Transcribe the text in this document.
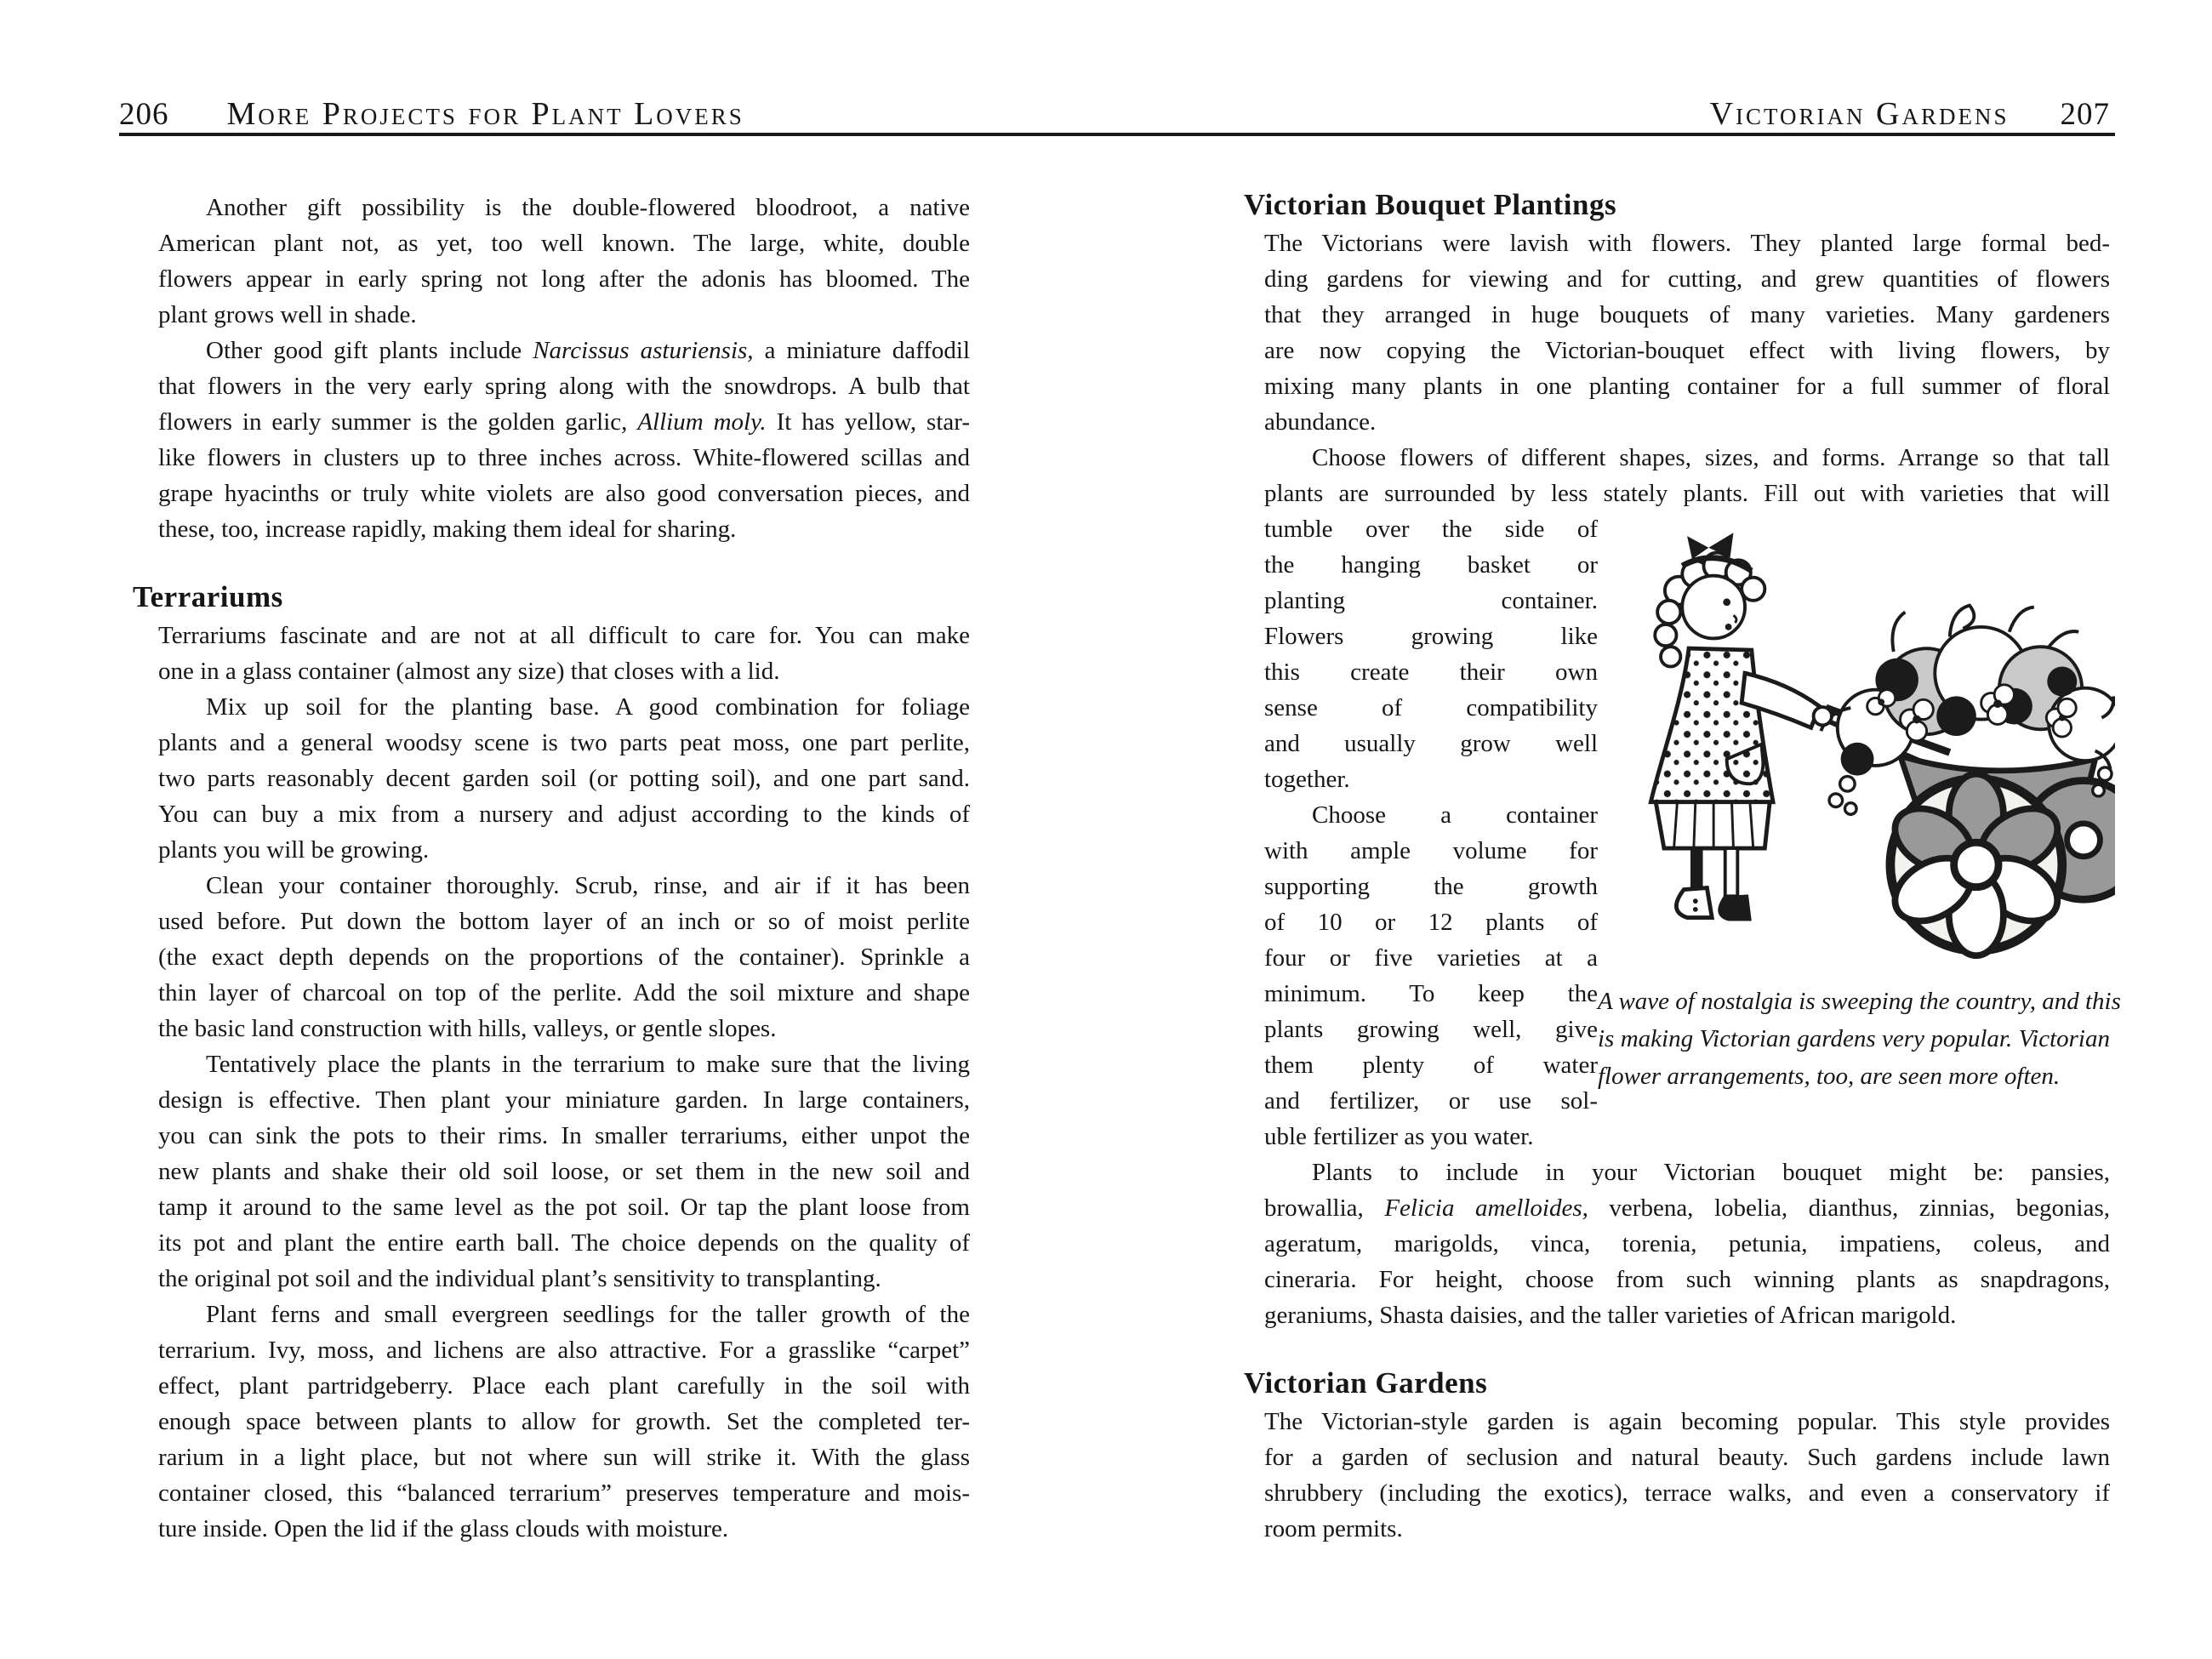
206 More Projects for Plant Lovers
Another gift possibility is the double-flowered bloodroot, a native
American plant not, as yet, too well known. The large, white, double
flowers appear in early spring not long after the adonis has bloomed. The
plant grows well in shade.
Other good gift plants include Narcissus asturiensis, a miniature daffodil
that flowers in the very early spring along with the snowdrops. A bulb that
flowers in early summer is the golden garlic, Allium moly. It has yellow, star-
like flowers in clusters up to three inches across. White-flowered scillas and
grape hyacinths or truly white violets are also good conversation pieces, and
these, too, increase rapidly, making them ideal for sharing.
Terrariums
Terrariums fascinate and are not at all difficult to care for. You can make
one in a glass container (almost any size) that closes with a lid.
Mix up soil for the planting base. A good combination for foliage
plants and a general woodsy scene is two parts peat moss, one part perlite,
two parts reasonably decent garden soil (or potting soil), and one part sand.
You can buy a mix from a nursery and adjust according to the kinds of
plants you will be growing.
Clean your container thoroughly. Scrub, rinse, and air if it has been
used before. Put down the bottom layer of an inch or so of moist perlite
(the exact depth depends on the proportions of the container). Sprinkle a
thin layer of charcoal on top of the perlite. Add the soil mixture and shape
the basic land construction with hills, valleys, or gentle slopes.
Tentatively place the plants in the terrarium to make sure that the living
design is effective. Then plant your miniature garden. In large containers,
you can sink the pots to their rims. In smaller terrariums, either unpot the
new plants and shake their old soil loose, or set them in the new soil and
tamp it around to the same level as the pot soil. Or tap the plant loose from
its pot and plant the entire earth ball. The choice depends on the quality of
the original pot soil and the individual plant’s sensitivity to transplanting.
Plant ferns and small evergreen seedlings for the taller growth of the
terrarium. Ivy, moss, and lichens are also attractive. For a grasslike “carpet”
effect, plant partridgeberry. Place each plant carefully in the soil with
enough space between plants to allow for growth. Set the completed ter-
rarium in a light place, but not where sun will strike it. With the glass
container closed, this “balanced terrarium” preserves temperature and mois-
ture inside. Open the lid if the glass clouds with moisture.
Victorian Gardens 207
Victorian Bouquet Plantings
The Victorians were lavish with flowers. They planted large formal bed-
ding gardens for viewing and for cutting, and grew quantities of flowers
that they arranged in huge bouquets of many varieties. Many gardeners
are now copying the Victorian-bouquet effect with living flowers, by
mixing many plants in one planting container for a full summer of floral
abundance.
Choose flowers of different shapes, sizes, and forms. Arrange so that tall
plants are surrounded by less stately plants. Fill out with varieties that will
tumble over the side of
the hanging basket or
planting container.
Flowers growing like
this create their own
sense of compatibility
and usually grow well
together.
Choose a container
with ample volume for
supporting the growth
of 10 or 12 plants of
four or five varieties at a
minimum. To keep the
plants growing well, give
them plenty of water
and fertilizer, or use sol-
uble fertilizer as you water.
A wave of nostalgia is sweeping the country, and this
is making Victorian gardens very popular. Victorian
flower arrangements, too, are seen more often.
Plants to include in your Victorian bouquet might be: pansies,
browallia, Felicia amelloides, verbena, lobelia, dianthus, zinnias, begonias,
ageratum, marigolds, vinca, torenia, petunia, impatiens, coleus, and
cineraria. For height, choose from such winning plants as snapdragons,
geraniums, Shasta daisies, and the taller varieties of African marigold.
Victorian Gardens
The Victorian-style garden is again becoming popular. This style provides
for a garden of seclusion and natural beauty. Such gardens include lawn
shrubbery (including the exotics), terrace walks, and even a conservatory if
room permits.
